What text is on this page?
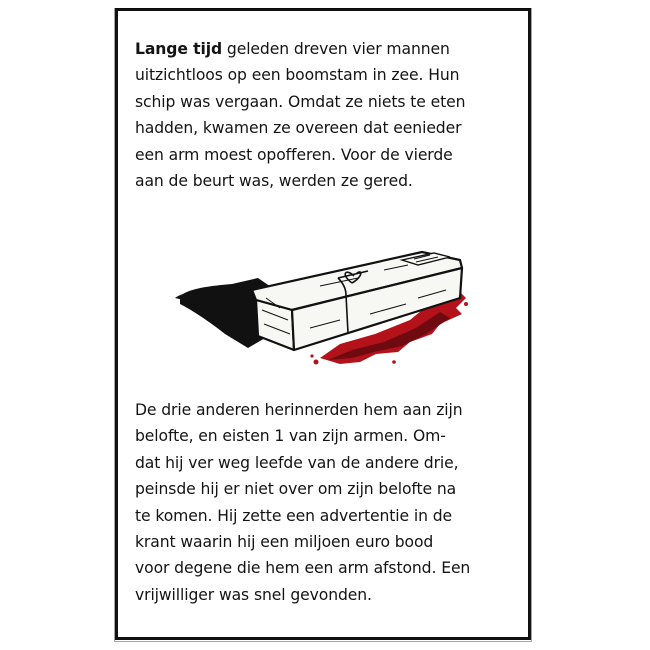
Lange tijd geleden dreven vier mannen
uitzichtloos op een boomstam in zee. Hun
schip was vergaan. Omdat ze niets te eten
hadden, kwamen ze overeen dat eenieder
een arm moest opofferen. Voor de vierde
aan de beurt was, werden ze gered.

De drie anderen herinnerden hem aan zijn
belofte, en eisten 1 van zijn armen. Om-
dat hij ver weg leefde van de andere drie,
peinsde hij er niet over om zijn belofte na
te komen. Hij zette een advertentie in de
krant waarin hij een miljoen euro bood
voor degene die hem een arm afstond. Een
vrijwilliger was snel gevonden.
